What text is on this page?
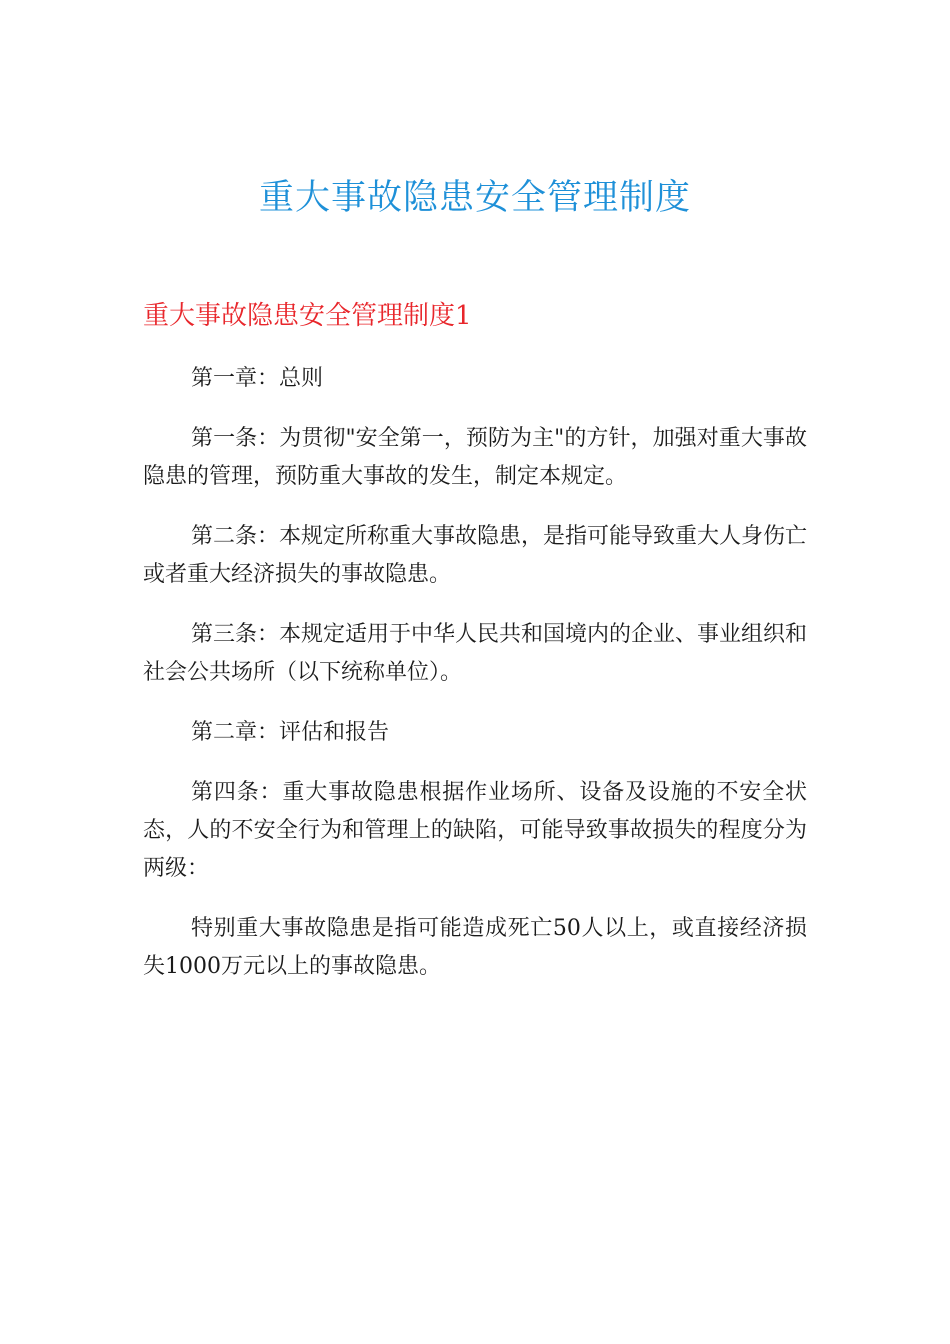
重大事故隐患安全管理制度
重大事故隐患安全管理制度1

第一章：总则

第一条：为贯彻"安全第一，预防为主"的方针，加强对重大事故隐患的管理，预防重大事故的发生，制定本规定。

第二条：本规定所称重大事故隐患，是指可能导致重大人身伤亡或者重大经济损失的事故隐患。

第三条：本规定适用于中华人民共和国境内的企业、事业组织和社会公共场所（以下统称单位）。

第二章：评估和报告

第四条：重大事故隐患根据作业场所、设备及设施的不安全状态，人的不安全行为和管理上的缺陷，可能导致事故损失的程度分为两级：

特别重大事故隐患是指可能造成死亡50人以上，或直接经济损失1000万元以上的事故隐患。
